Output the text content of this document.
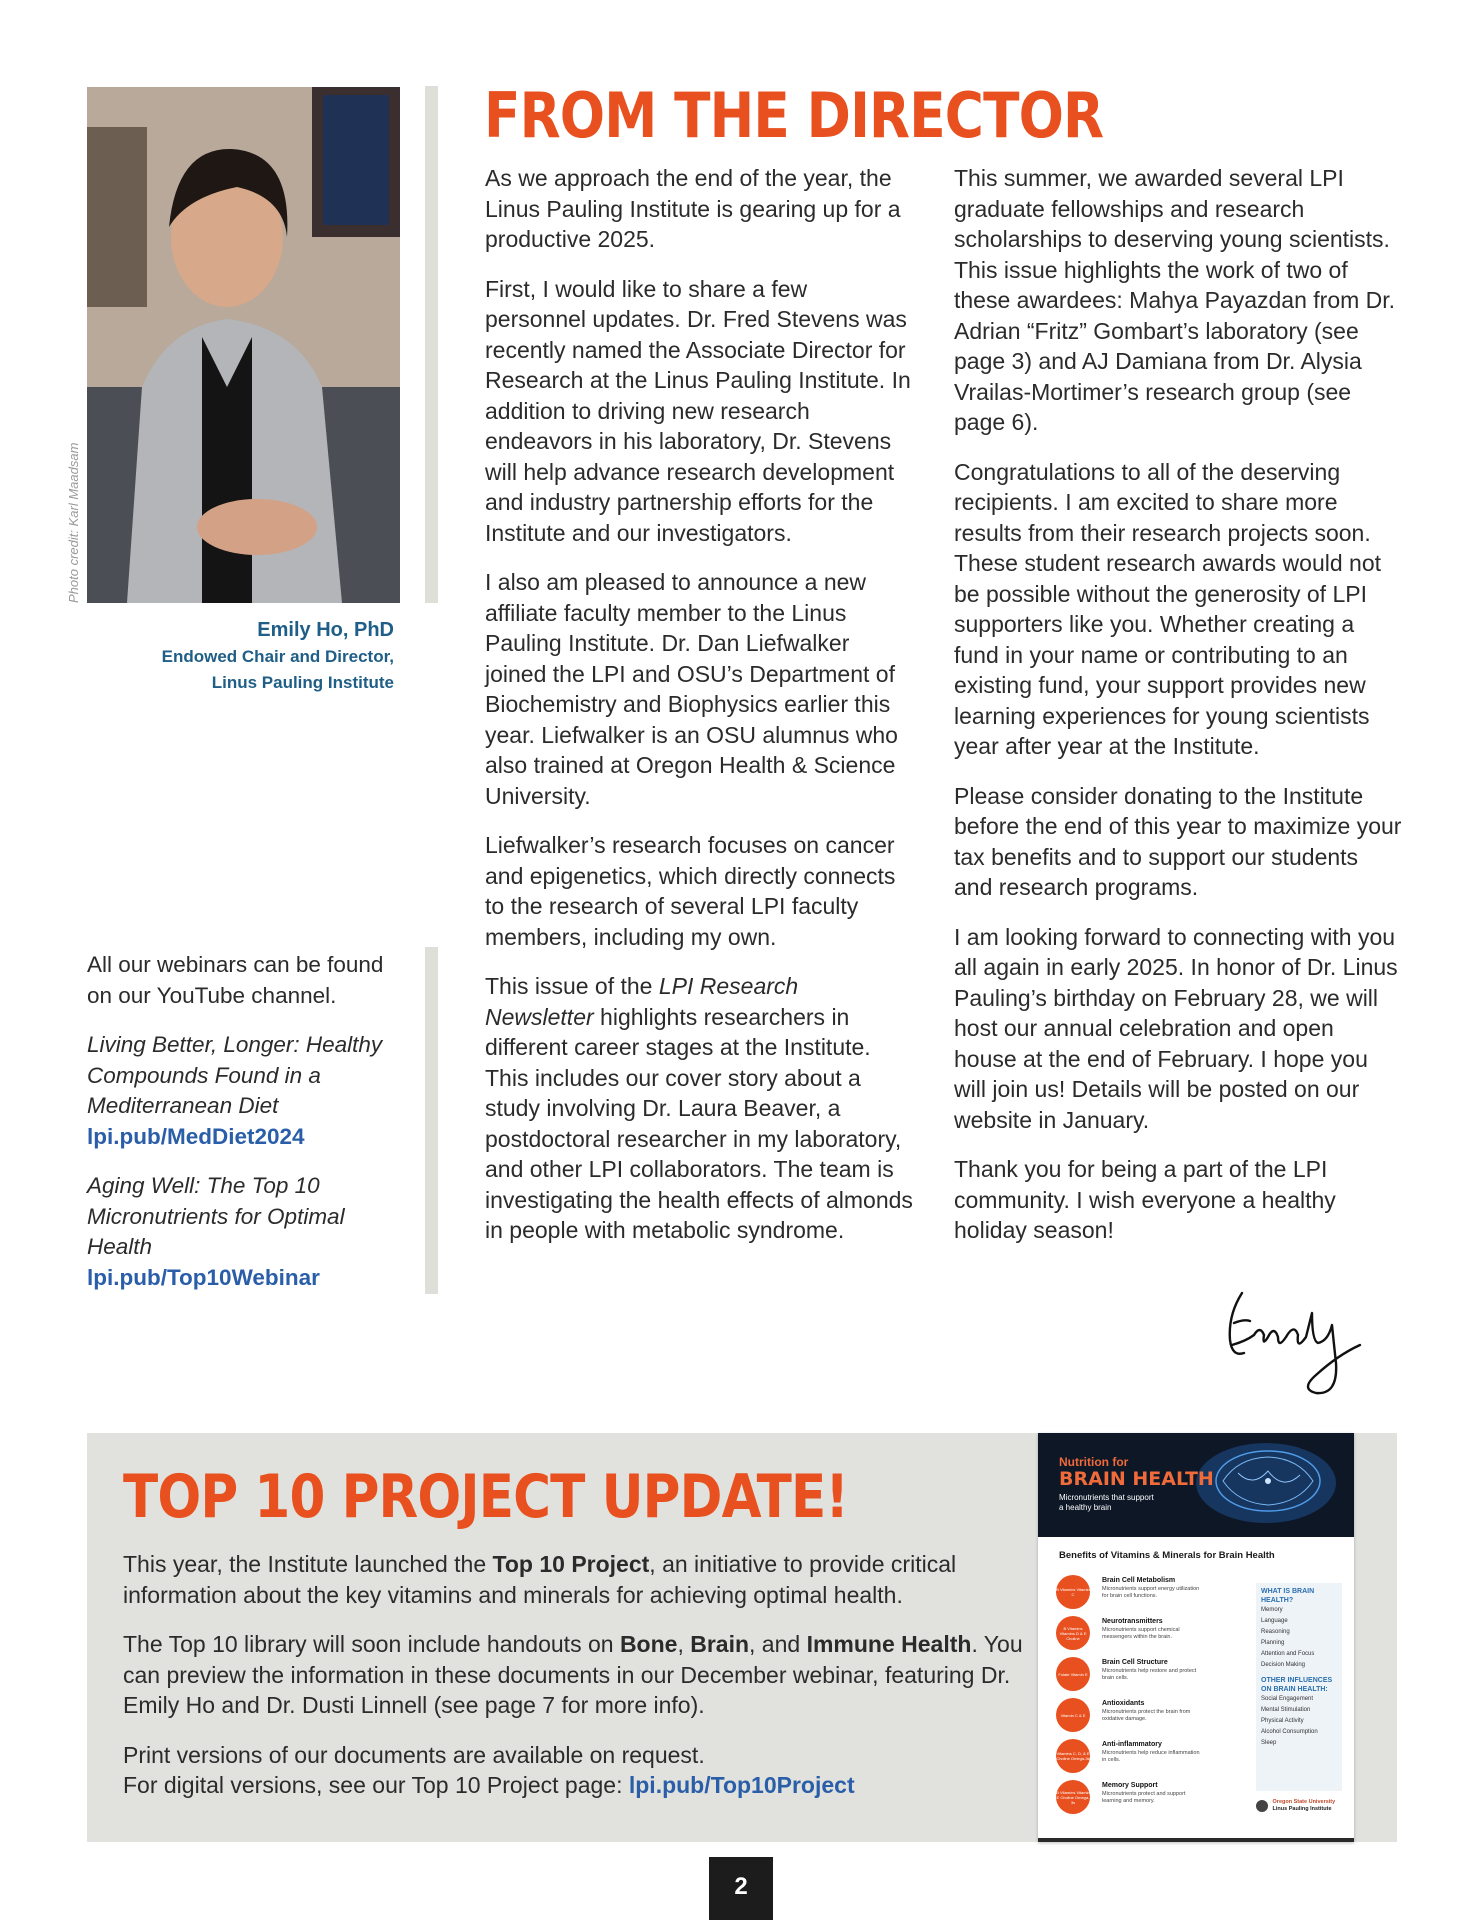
Photo credit: Karl Maadsam
Emily Ho, PhD
Endowed Chair and Director,
Linus Pauling Institute
FROM THE DIRECTOR

As we approach the end of the year, the Linus Pauling Institute is gearing up for a productive 2025.

First, I would like to share a few personnel updates. Dr. Fred Stevens was recently named the Associate Director for Research at the Linus Pauling Institute. In addition to driving new research endeavors in his laboratory, Dr. Stevens will help advance research development and industry partnership efforts for the Institute and our investigators.

I also am pleased to announce a new affiliate faculty member to the Linus Pauling Institute. Dr. Dan Liefwalker joined the LPI and OSU’s Department of Biochemistry and Biophysics earlier this year. Liefwalker is an OSU alumnus who also trained at Oregon Health & Science University.

Liefwalker’s research focuses on cancer and epigenetics, which directly connects to the research of several LPI faculty members, including my own.

This issue of the LPI Research Newsletter highlights researchers in different career stages at the Institute. This includes our cover story about a study involving Dr. Laura Beaver, a postdoctoral researcher in my laboratory, and other LPI collaborators. The team is investigating the health effects of almonds in people with metabolic syndrome.

This summer, we awarded several LPI graduate fellowships and research scholarships to deserving young scientists. This issue highlights the work of two of these awardees: Mahya Payazdan from Dr. Adrian “Fritz” Gombart’s laboratory (see page 3) and AJ Damiana from Dr. Alysia Vrailas-Mortimer’s research group (see page 6).

Congratulations to all of the deserving recipients. I am excited to share more results from their research projects soon. These student research awards would not be possible without the generosity of LPI supporters like you. Whether creating a fund in your name or contributing to an existing fund, your support provides new learning experiences for young scientists year after year at the Institute.

Please consider donating to the Institute before the end of this year to maximize your tax benefits and to support our students and research programs.

I am looking forward to connecting with you all again in early 2025. In honor of Dr. Linus Pauling’s birthday on February 28, we will host our annual celebration and open house at the end of February. I hope you will join us! Details will be posted on our website in January.

Thank you for being a part of the LPI community. I wish everyone a healthy holiday season!

All our webinars can be found on our YouTube channel.

Living Better, Longer: Healthy Compounds Found in a Mediterranean Diet
lpi.pub/MedDiet2024

Aging Well: The Top 10 Micronutrients for Optimal Health
lpi.pub/Top10Webinar

TOP 10 PROJECT UPDATE!

This year, the Institute launched the Top 10 Project, an initiative to provide critical information about the key vitamins and minerals for achieving optimal health.

The Top 10 library will soon include handouts on Bone, Brain, and Immune Health. You can preview the information in these documents in our December webinar, featuring Dr. Emily Ho and Dr. Dusti Linnell (see page 7 for more info).

Print versions of our documents are available on request.
For digital versions, see our Top 10 Project page: lpi.pub/Top10Project

Nutrition for
BRAIN HEALTH
Micronutrients that support
a healthy brain
Benefits of Vitamins & Minerals for Brain Health
B Vitamins Vitamin C
Brain Cell Metabolism
Micronutrients support energy utilization for brain cell functions.
B Vitamins Vitamins D & E Choline
Neurotransmitters
Micronutrients support chemical messengers within the brain.
Folate Vitamin E
Brain Cell Structure
Micronutrients help restore and protect brain cells.
Vitamin C & E
Antioxidants
Micronutrients protect the brain from oxidative damage.
Vitamins C, D, & E Choline Omega-3s
Anti-inflammatory
Micronutrients help reduce inflammation in cells.
B Vitamins Vitamin E Choline Omega-3s
Memory Support
Micronutrients protect and support learning and memory.
WHAT IS BRAIN HEALTH?
Memory
Language
Reasoning
Planning
Attention and Focus
Decision Making
OTHER INFLUENCES ON BRAIN HEALTH:
Social Engagement
Mental Stimulation
Physical Activity
Alcohol Consumption
Sleep

Oregon State University
Linus Pauling Institute
2
